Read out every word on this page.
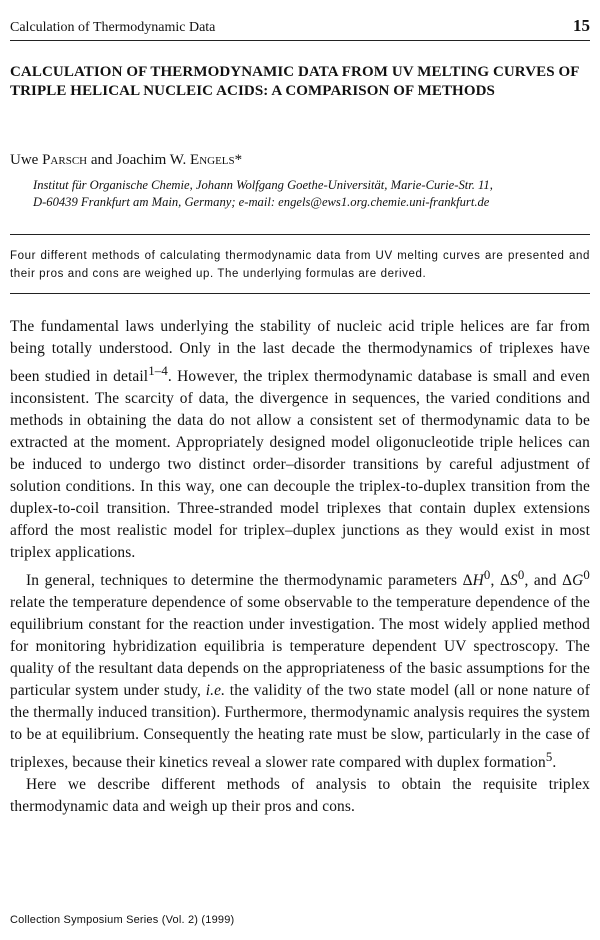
Calculation of Thermodynamic Data	15
CALCULATION OF THERMODYNAMIC DATA FROM UV MELTING CURVES OF TRIPLE HELICAL NUCLEIC ACIDS: A COMPARISON OF METHODS

Uwe Parsch and Joachim W. Engels*

Institut für Organische Chemie, Johann Wolfgang Goethe-Universität, Marie-Curie-Str. 11,
D-60439 Frankfurt am Main, Germany; e-mail: engels@ews1.org.chemie.uni-frankfurt.de

Four different methods of calculating thermodynamic data from UV melting curves are presented and their pros and cons are weighed up. The underlying formulas are derived.

The fundamental laws underlying the stability of nucleic acid triple helices are far from being totally understood. Only in the last decade the thermodynamics of triplexes have been studied in detail$^{1-4}$. However, the triplex thermodynamic database is small and even inconsistent. The scarcity of data, the divergence in sequences, the varied conditions and methods in obtaining the data do not allow a consistent set of thermodynamic data to be extracted at the moment. Appropriately designed model oligonucleotide triple helices can be induced to undergo two distinct order–disorder transitions by careful adjustment of solution conditions. In this way, one can decouple the triplex-to-duplex transition from the duplex-to-coil transition. Three-stranded model triplexes that contain duplex extensions afford the most realistic model for triplex–duplex junctions as they would exist in most triplex applications.

In general, techniques to determine the thermodynamic parameters $\Delta H^0$, $\Delta S^0$, and $\Delta G^0$ relate the temperature dependence of some observable to the temperature dependence of the equilibrium constant for the reaction under investigation. The most widely applied method for monitoring hybridization equilibria is temperature dependent UV spectroscopy. The quality of the resultant data depends on the appropriateness of the basic assumptions for the particular system under study, i.e. the validity of the two state model (all or none nature of the thermally induced transition). Furthermore, thermodynamic analysis requires the system to be at equilibrium. Consequently the heating rate must be slow, particularly in the case of triplexes, because their kinetics reveal a slower rate compared with duplex formation$^5$.

Here we describe different methods of analysis to obtain the requisite triplex thermodynamic data and weigh up their pros and cons.

Collection Symposium Series (Vol. 2) (1999)
